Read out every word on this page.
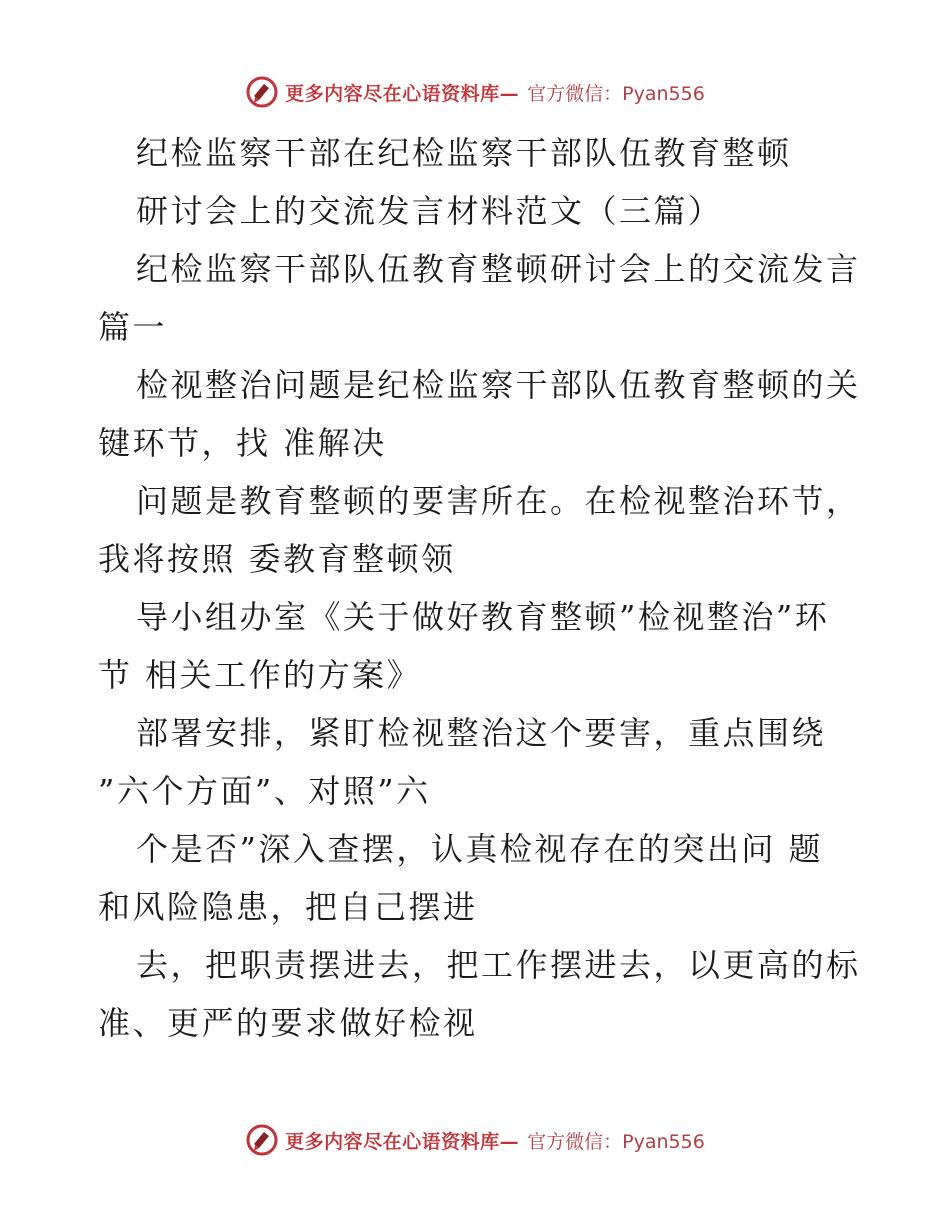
更多内容尽在心语资料库— 官方微信：Pyan556
纪检监察干部在纪检监察干部队伍教育整顿
研讨会上的交流发言材料范文（三篇）
纪检监察干部队伍教育整顿研讨会上的交流发言
篇一
检视整治问题是纪检监察干部队伍教育整顿的关
键环节，找 准解决
问题是教育整顿的要害所在。在检视整治环节，
我将按照 委教育整顿领
导小组办室《关于做好教育整顿”检视整治”环
节 相关工作的方案》
部署安排，紧盯检视整治这个要害，重点围绕
”六个方面”、对照”六
个是否”深入查摆，认真检视存在的突出问 题
和风险隐患，把自己摆进
去，把职责摆进去，把工作摆进去，以更高的标
准、更严的要求做好检视
更多内容尽在心语资料库— 官方微信：Pyan556
